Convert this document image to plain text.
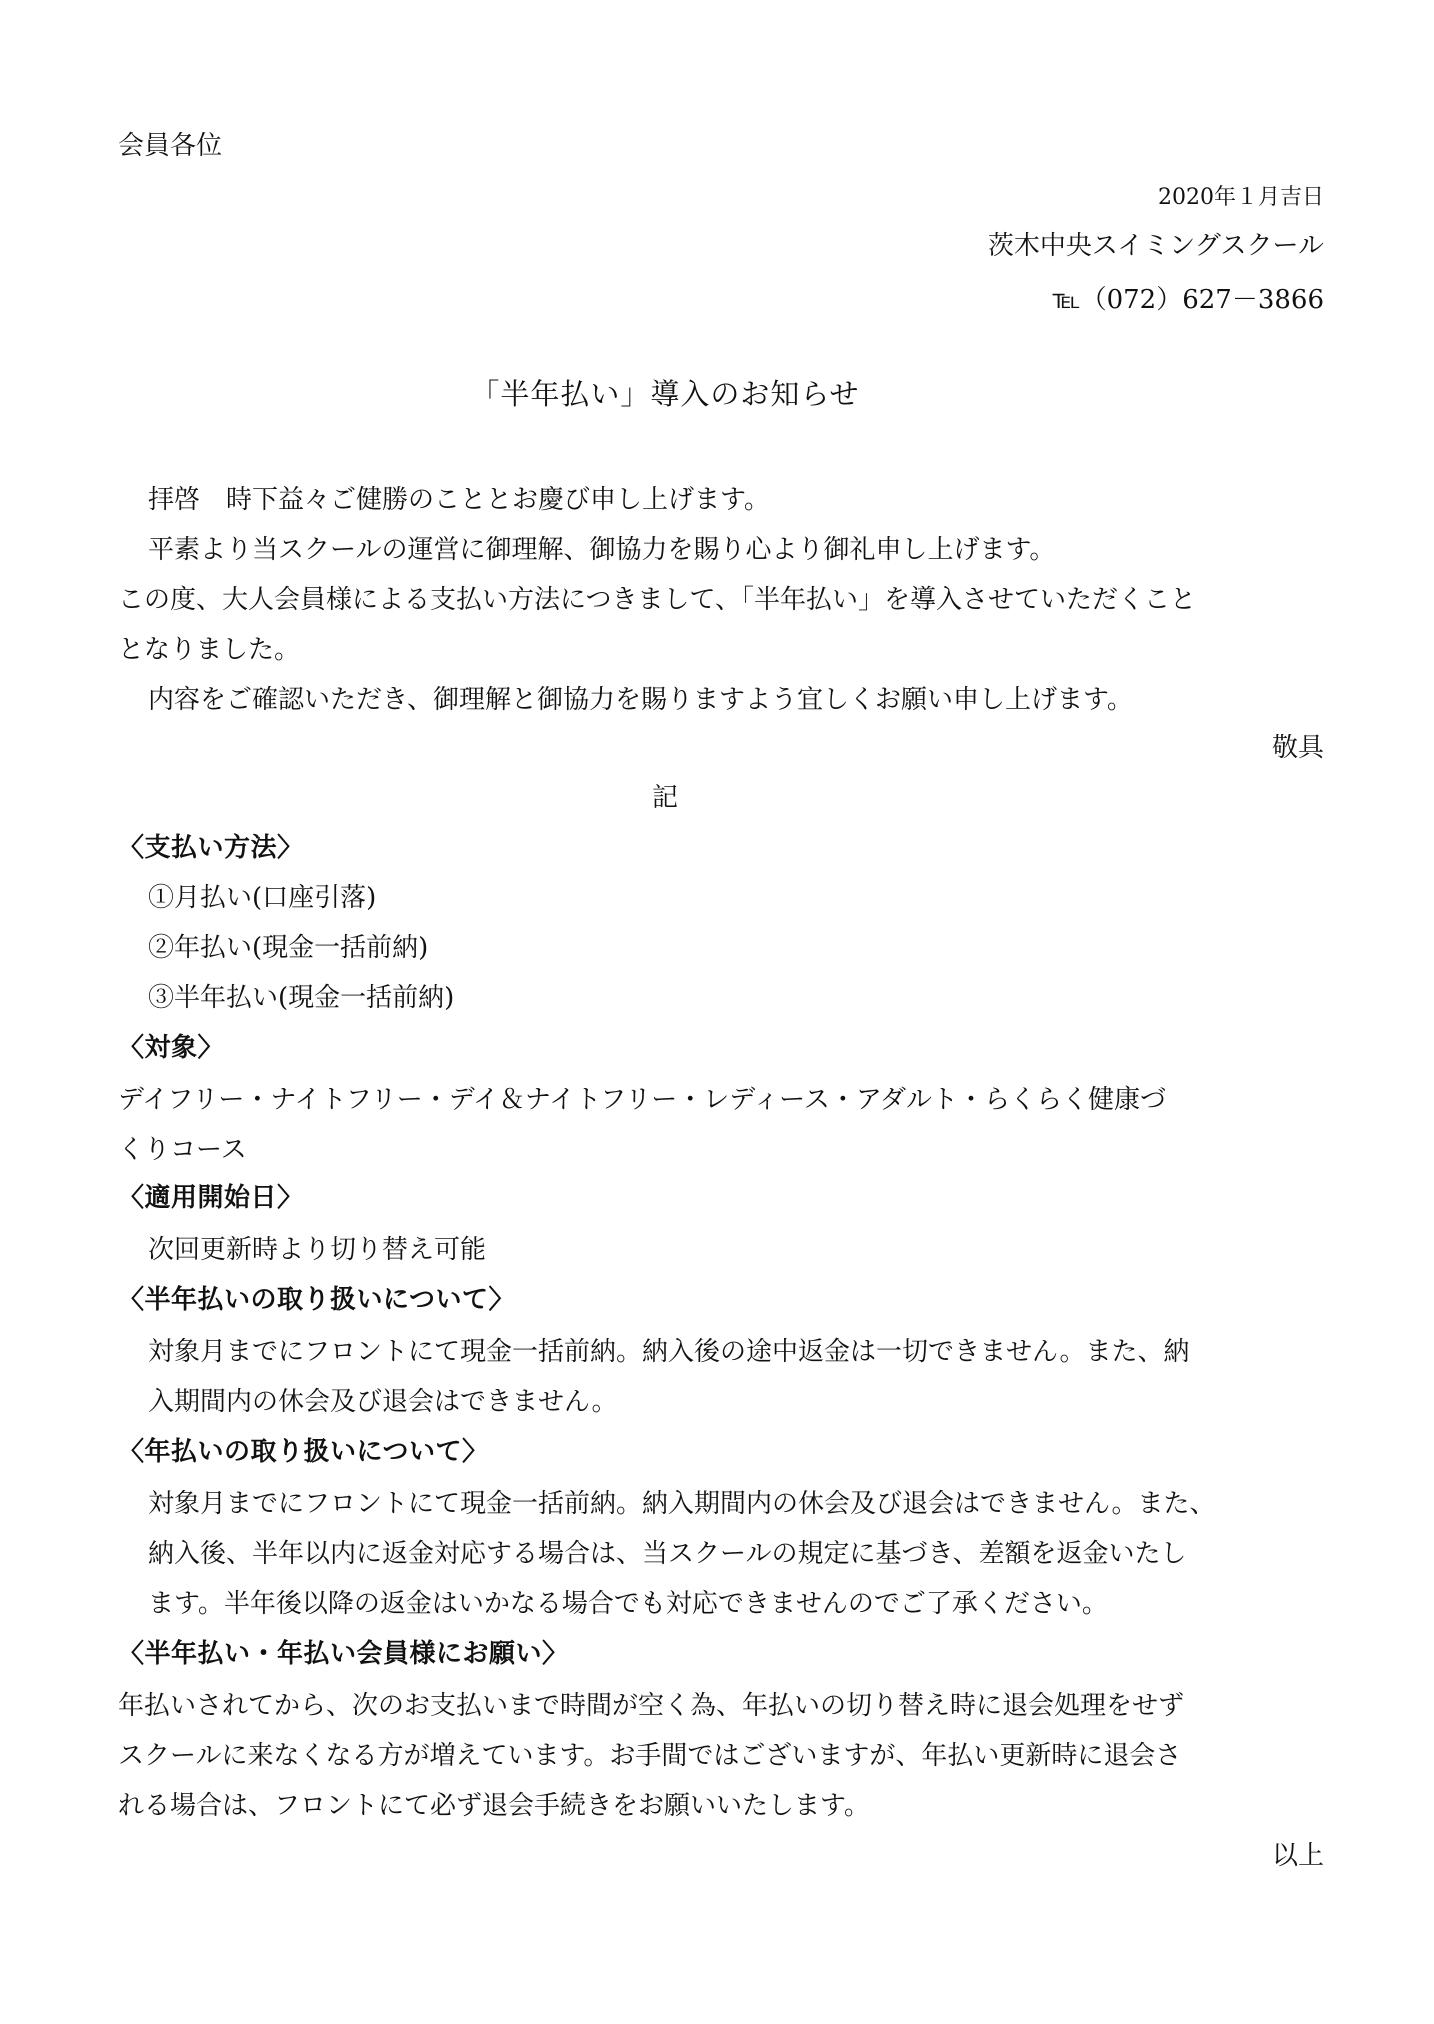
会員各位
2020年１月吉日
茨木中央スイミングスクール
℡（072）627－3866
「半年払い」導入のお知らせ
拝啓　時下益々ご健勝のこととお慶び申し上げます。
平素より当スクールの運営に御理解、御協力を賜り心より御礼申し上げます。
この度、大人会員様による支払い方法につきまして、「半年払い」を導入させていただくこと
となりました。
内容をご確認いただき、御理解と御協力を賜りますよう宜しくお願い申し上げます。
敬具
記
〈支払い方法〉
①月払い(口座引落)
②年払い(現金一括前納)
③半年払い(現金一括前納)
〈対象〉
デイフリー・ナイトフリー・デイ＆ナイトフリー・レディース・アダルト・らくらく健康づ
くりコース
〈適用開始日〉
次回更新時より切り替え可能
〈半年払いの取り扱いについて〉
対象月までにフロントにて現金一括前納。納入後の途中返金は一切できません。また、納
入期間内の休会及び退会はできません。
〈年払いの取り扱いについて〉
対象月までにフロントにて現金一括前納。納入期間内の休会及び退会はできません。また、
納入後、半年以内に返金対応する場合は、当スクールの規定に基づき、差額を返金いたし
ます。半年後以降の返金はいかなる場合でも対応できませんのでご了承ください。
〈半年払い・年払い会員様にお願い〉
年払いされてから、次のお支払いまで時間が空く為、年払いの切り替え時に退会処理をせず
スクールに来なくなる方が増えています。お手間ではございますが、年払い更新時に退会さ
れる場合は、フロントにて必ず退会手続きをお願いいたします。
以上
